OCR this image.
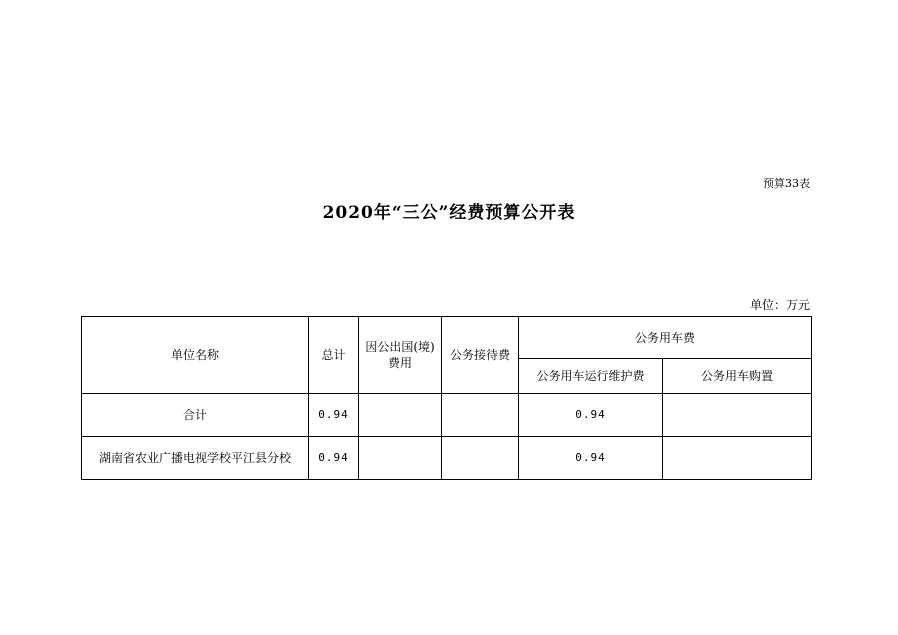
预算33表
2020年“三公”经费预算公开表
单位：万元
单位名称	总计	因公出国(境)费用	公务接待费	公务用车费	
				公务用车运行维护费	公务用车购置
合计	0.94			0.94	
湖南省农业广播电视学校平江县分校	0.94			0.94	
